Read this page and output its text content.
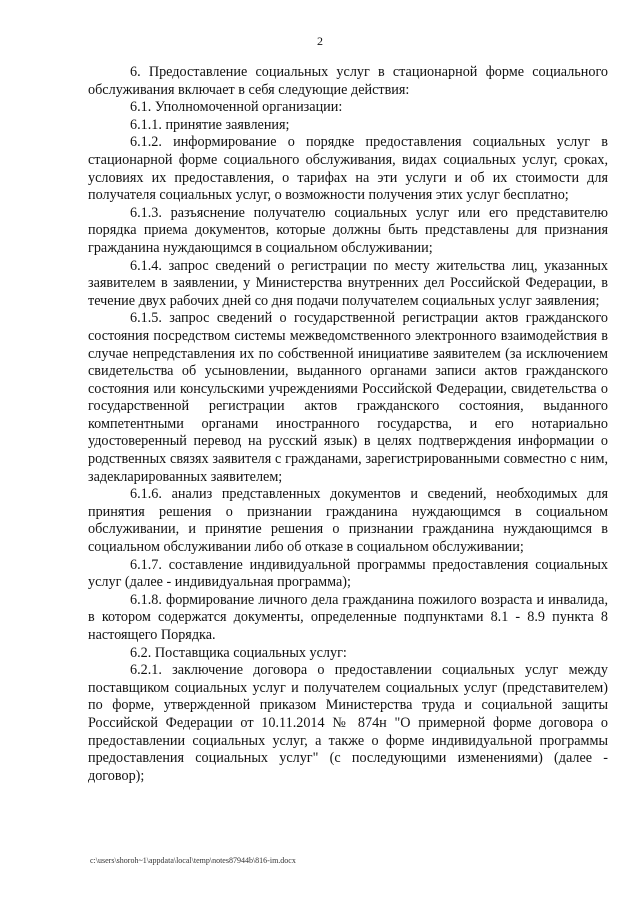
2

6. Предоставление социальных услуг в стационарной форме социального обслуживания включает в себя следующие действия:

6.1. Уполномоченной организации:

6.1.1. принятие заявления;

6.1.2. информирование о порядке предоставления социальных услуг в стационарной форме социального обслуживания, видах социальных услуг, сроках, условиях их предоставления, о тарифах на эти услуги и об их стоимости для получателя социальных услуг, о возможности получения этих услуг бесплатно;

6.1.3. разъяснение получателю социальных услуг или его представителю порядка приема документов, которые должны быть представлены для признания гражданина нуждающимся в социальном обслуживании;

6.1.4. запрос сведений о регистрации по месту жительства лиц, указанных заявителем в заявлении, у Министерства внутренних дел Российской Федерации, в течение двух рабочих дней со дня подачи получателем социальных услуг заявления;

6.1.5. запрос сведений о государственной регистрации актов гражданского состояния посредством системы межведомственного электронного взаимодействия в случае непредставления их по собственной инициативе заявителем (за исключением свидетельства об усыновлении, выданного органами записи актов гражданского состояния или консульскими учреждениями Российской Федерации, свидетельства о государственной регистрации актов гражданского состояния, выданного компетентными органами иностранного государства, и его нотариально удостоверенный перевод на русский язык) в целях подтверждения информации о родственных связях заявителя с гражданами, зарегистрированными совместно с ним, задекларированных заявителем;

6.1.6. анализ представленных документов и сведений, необходимых для принятия решения о признании гражданина нуждающимся в социальном обслуживании, и принятие решения о признании гражданина нуждающимся в социальном обслуживании либо об отказе в социальном обслуживании;

6.1.7. составление индивидуальной программы предоставления социальных услуг (далее - индивидуальная программа);

6.1.8. формирование личного дела гражданина пожилого возраста и инвалида, в котором содержатся документы, определенные подпунктами 8.1 - 8.9 пункта 8 настоящего Порядка.

6.2. Поставщика социальных услуг:

6.2.1. заключение договора о предоставлении социальных услуг между поставщиком социальных услуг и получателем социальных услуг (представителем) по форме, утвержденной приказом Министерства труда и социальной защиты Российской Федерации от 10.11.2014 № 874н "О примерной форме договора о предоставлении социальных услуг, а также о форме индивидуальной программы предоставления социальных услуг" (с последующими изменениями) (далее - договор);

c:\users\shoroh~1\appdata\local\temp\notes87944b\816-im.docx
